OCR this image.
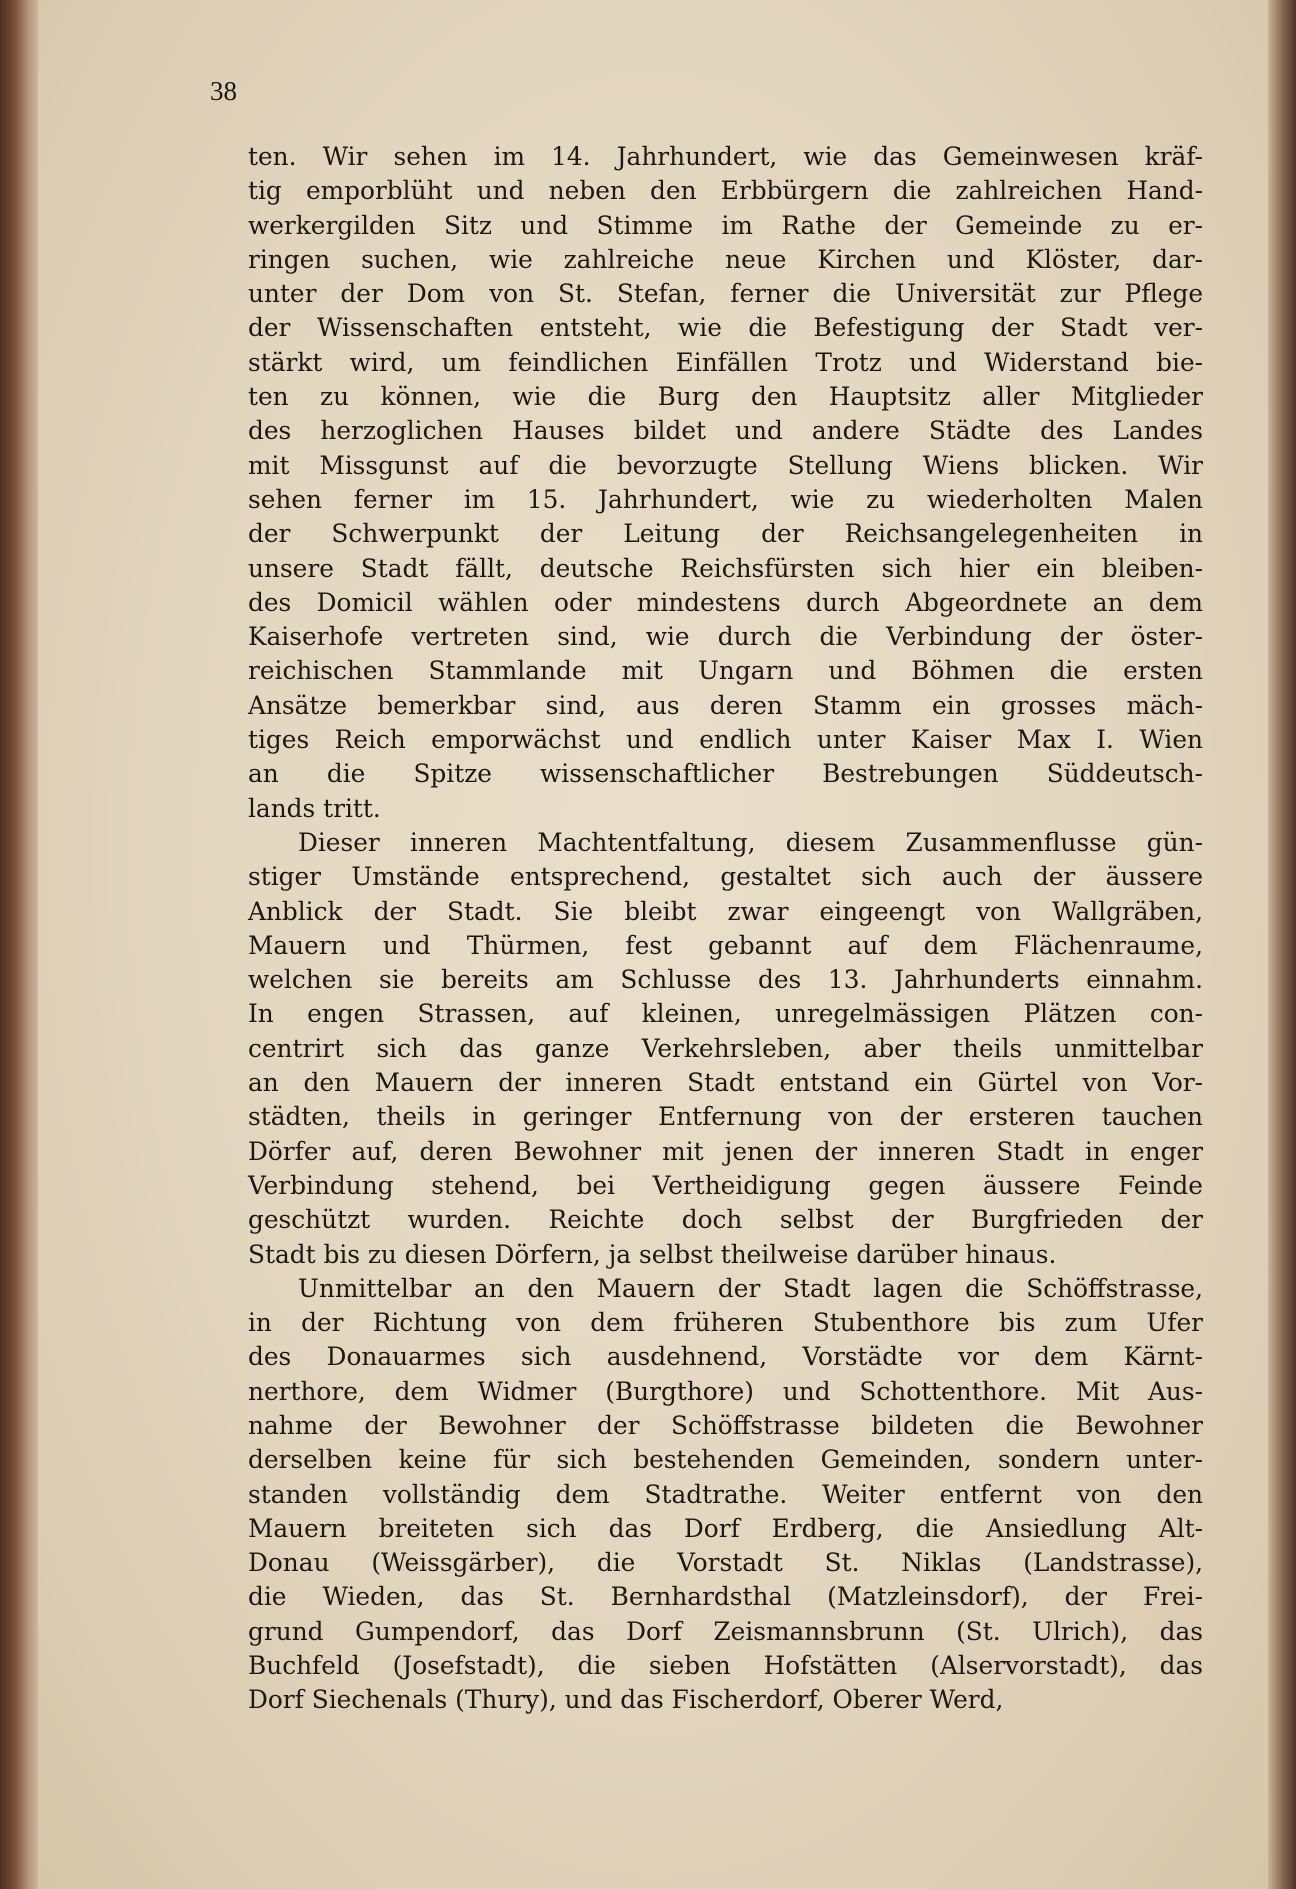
38

ten. Wir sehen im 14. Jahrhundert, wie das Gemeinwesen kräf-
tig emporblüht und neben den Erbbürgern die zahlreichen Hand-
werkergilden Sitz und Stimme im Rathe der Gemeinde zu er-
ringen suchen, wie zahlreiche neue Kirchen und Klöster, dar-
unter der Dom von St. Stefan, ferner die Universität zur Pflege
der Wissenschaften entsteht, wie die Befestigung der Stadt ver-
stärkt wird, um feindlichen Einfällen Trotz und Widerstand bie-
ten zu können, wie die Burg den Hauptsitz aller Mitglieder
des herzoglichen Hauses bildet und andere Städte des Landes
mit Missgunst auf die bevorzugte Stellung Wiens blicken. Wir
sehen ferner im 15. Jahrhundert, wie zu wiederholten Malen
der Schwerpunkt der Leitung der Reichsangelegenheiten in
unsere Stadt fällt, deutsche Reichsfürsten sich hier ein bleiben-
des Domicil wählen oder mindestens durch Abgeordnete an dem
Kaiserhofe vertreten sind, wie durch die Verbindung der öster-
reichischen Stammlande mit Ungarn und Böhmen die ersten
Ansätze bemerkbar sind, aus deren Stamm ein grosses mäch-
tiges Reich emporwächst und endlich unter Kaiser Max I. Wien
an die Spitze wissenschaftlicher Bestrebungen Süddeutsch-
lands tritt.
Dieser inneren Machtentfaltung, diesem Zusammenflusse gün-
stiger Umstände entsprechend, gestaltet sich auch der äussere
Anblick der Stadt. Sie bleibt zwar eingeengt von Wallgräben,
Mauern und Thürmen, fest gebannt auf dem Flächenraume,
welchen sie bereits am Schlusse des 13. Jahrhunderts einnahm.
In engen Strassen, auf kleinen, unregelmässigen Plätzen con-
centrirt sich das ganze Verkehrsleben, aber theils unmittelbar
an den Mauern der inneren Stadt entstand ein Gürtel von Vor-
städten, theils in geringer Entfernung von der ersteren tauchen
Dörfer auf, deren Bewohner mit jenen der inneren Stadt in enger
Verbindung stehend, bei Vertheidigung gegen äussere Feinde
geschützt wurden. Reichte doch selbst der Burgfrieden der
Stadt bis zu diesen Dörfern, ja selbst theilweise darüber hinaus.
Unmittelbar an den Mauern der Stadt lagen die Schöffstrasse,
in der Richtung von dem früheren Stubenthore bis zum Ufer
des Donauarmes sich ausdehnend, Vorstädte vor dem Kärnt-
nerthore, dem Widmer (Burgthore) und Schottenthore. Mit Aus-
nahme der Bewohner der Schöffstrasse bildeten die Bewohner
derselben keine für sich bestehenden Gemeinden, sondern unter-
standen vollständig dem Stadtrathe. Weiter entfernt von den
Mauern breiteten sich das Dorf Erdberg, die Ansiedlung Alt-
Donau (Weissgärber), die Vorstadt St. Niklas (Landstrasse),
die Wieden, das St. Bernhardsthal (Matzleinsdorf), der Frei-
grund Gumpendorf, das Dorf Zeismannsbrunn (St. Ulrich), das
Buchfeld (Josefstadt), die sieben Hofstätten (Alservorstadt), das
Dorf Siechenals (Thury), und das Fischerdorf, Oberer Werd,
